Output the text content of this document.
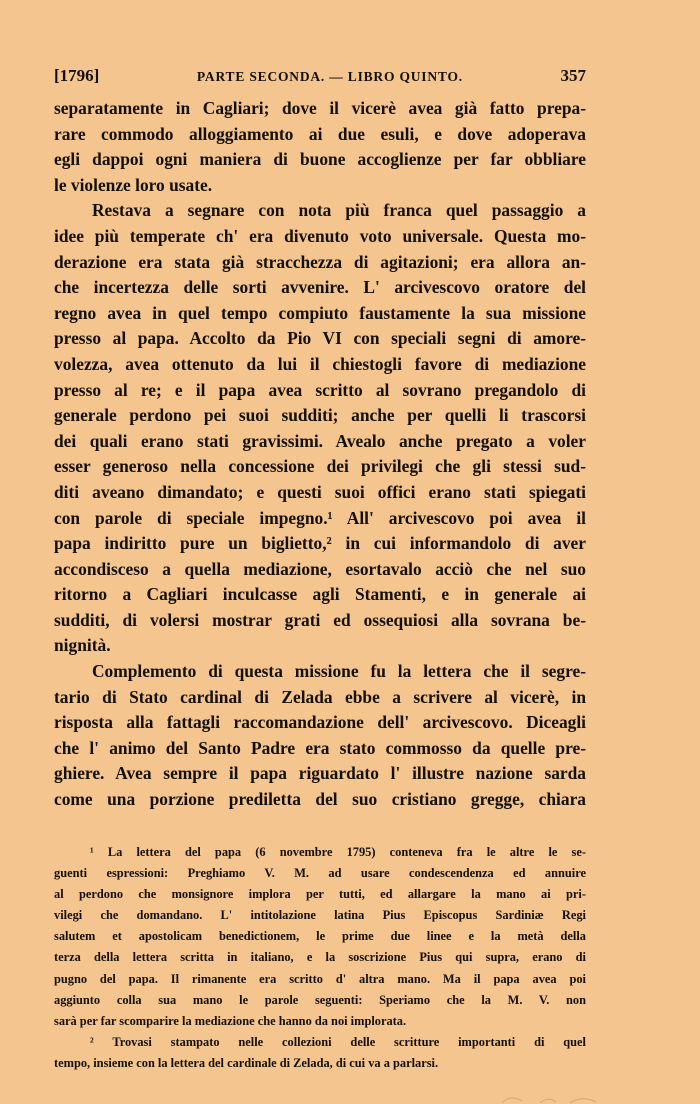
[1796]	PARTE SECONDA. — LIBRO QUINTO.	357
separatamente in Cagliari; dove il vicerè avea già fatto prepa-
rare commodo alloggiamento ai due esuli, e dove adoperava
egli dappoi ogni maniera di buone accoglienze per far obbliare
le violenze loro usate.
Restava a segnare con nota più franca quel passaggio a
idee più temperate ch' era divenuto voto universale. Questa mo-
derazione era stata già stracchezza di agitazioni; era allora an-
che incertezza delle sorti avvenire. L' arcivescovo oratore del
regno avea in quel tempo compiuto faustamente la sua missione
presso al papa. Accolto da Pio VI con speciali segni di amore-
volezza, avea ottenuto da lui il chiestogli favore di mediazione
presso al re; e il papa avea scritto al sovrano pregandolo di
generale perdono pei suoi sudditi; anche per quelli li trascorsi
dei quali erano stati gravissimi. Avealo anche pregato a voler
esser generoso nella concessione dei privilegi che gli stessi sud-
diti aveano dimandato; e questi suoi offici erano stati spiegati
con parole di speciale impegno.¹ All' arcivescovo poi avea il
papa indiritto pure un biglietto,² in cui informandolo di aver
accondisceso a quella mediazione, esortavalo acciò che nel suo
ritorno a Cagliari inculcasse agli Stamenti, e in generale ai
sudditi, di volersi mostrar grati ed ossequiosi alla sovrana be-
nignità.
Complemento di questa missione fu la lettera che il segre-
tario di Stato cardinal di Zelada ebbe a scrivere al vicerè, in
risposta alla fattagli raccomandazione dell' arcivescovo. Diceagli
che l' animo del Santo Padre era stato commosso da quelle pre-
ghiere. Avea sempre il papa riguardato l' illustre nazione sarda
come una porzione prediletta del suo cristiano gregge, chiara
¹ La lettera del papa (6 novembre 1795) conteneva fra le altre le se-
guenti espressioni: Preghiamo V. M. ad usare condescendenza ed annuire
al perdono che monsignore implora per tutti, ed allargare la mano ai pri-
vilegi che domandano. L' intitolazione latina Pius Episcopus Sardiniæ Regi
salutem et apostolicam benedictionem, le prime due linee e la metà della
terza della lettera scritta in italiano, e la soscrizione Pius qui supra, erano di
pugno del papa. Il rimanente era scritto d' altra mano. Ma il papa avea poi
aggiunto colla sua mano le parole seguenti: Speriamo che la M. V. non
sarà per far scomparire la mediazione che hanno da noi implorata.
² Trovasi stampato nelle collezioni delle scritture importanti di quel
tempo, insieme con la lettera del cardinale di Zelada, di cui va a parlarsi.
